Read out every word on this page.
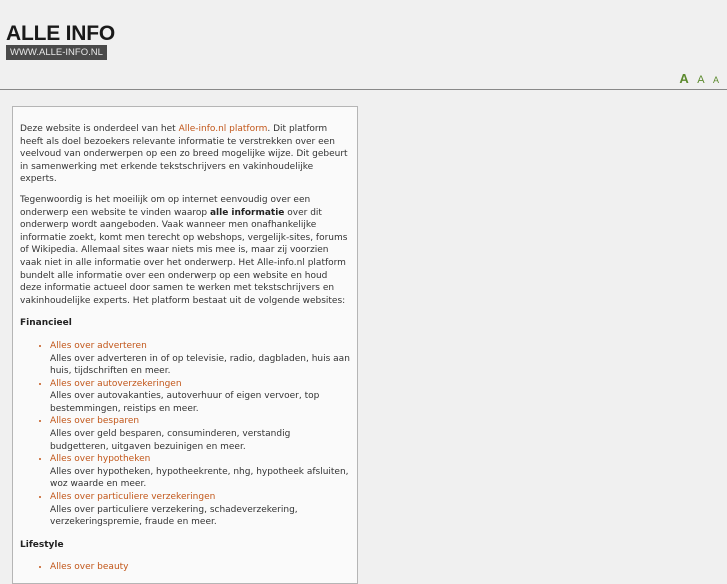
ALLE INFO
WWW.ALLE-INFO.NL
A A A

Deze website is onderdeel van het Alle-info.nl platform. Dit platform heeft als doel bezoekers relevante informatie te verstrekken over een veelvoud van onderwerpen op een zo breed mogelijke wijze. Dit gebeurt in samenwerking met erkende tekstschrijvers en vakinhoudelijke experts.

Tegenwoordig is het moeilijk om op internet eenvoudig over een onderwerp een website te vinden waarop alle informatie over dit onderwerp wordt aangeboden. Vaak wanneer men onafhankelijke informatie zoekt, komt men terecht op webshops, vergelijk-sites, forums of Wikipedia. Allemaal sites waar niets mis mee is, maar zij voorzien vaak niet in alle informatie over het onderwerp. Het Alle-info.nl platform bundelt alle informatie over een onderwerp op een website en houd deze informatie actueel door samen te werken met tekstschrijvers en vakinhoudelijke experts. Het platform bestaat uit de volgende websites:

Financieel
• Alles over adverteren
Alles over adverteren in of op televisie, radio, dagbladen, huis aan huis, tijdschriften en meer.
• Alles over autoverzekeringen
Alles over autovakanties, autoverhuur of eigen vervoer, top bestemmingen, reistips en meer.
• Alles over besparen
Alles over geld besparen, consuminderen, verstandig budgetteren, uitgaven bezuinigen en meer.
• Alles over hypotheken
Alles over hypotheken, hypotheekrente, nhg, hypotheek afsluiten, woz waarde en meer.
• Alles over particuliere verzekeringen
Alles over particuliere verzekering, schadeverzekering, verzekeringspremie, fraude en meer.
Lifestyle
• Alles over beauty
